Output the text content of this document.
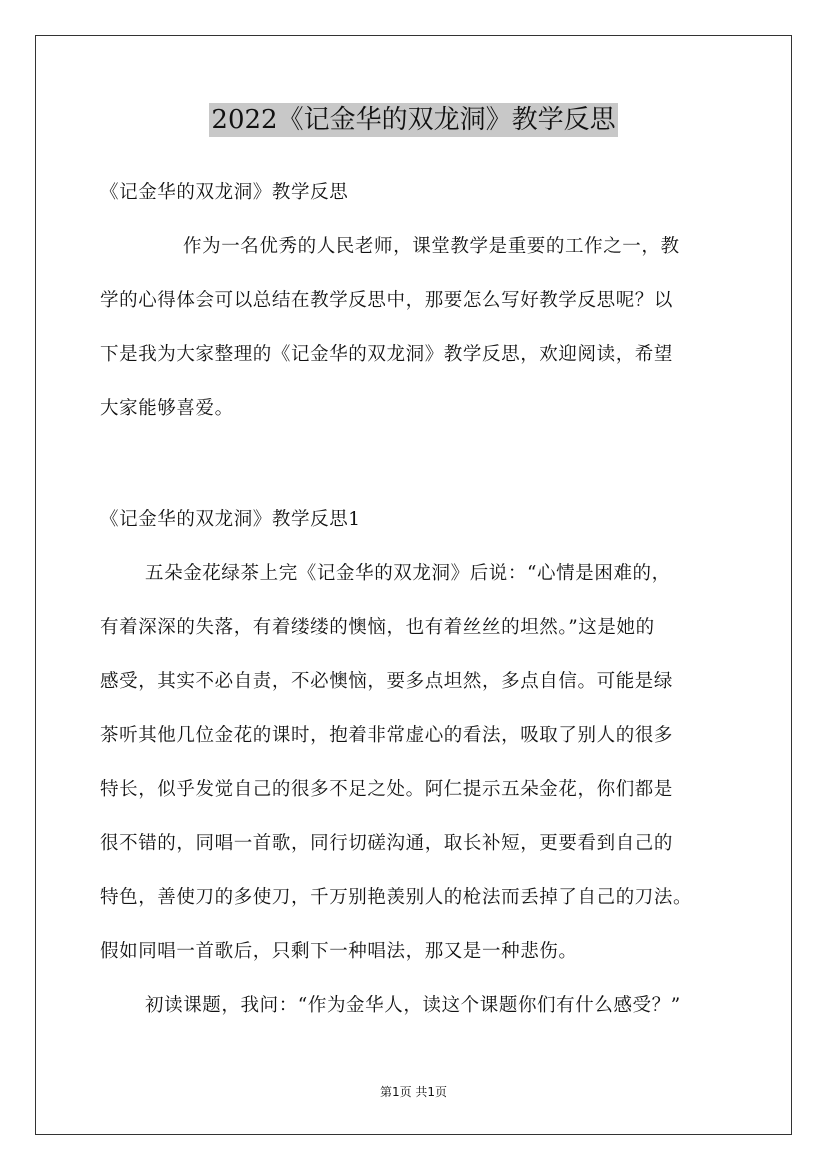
2022《记金华的双龙洞》教学反思
《记金华的双龙洞》教学反思
作为一名优秀的人民老师，课堂教学是重要的工作之一，教
学的心得体会可以总结在教学反思中，那要怎么写好教学反思呢？以
下是我为大家整理的《记金华的双龙洞》教学反思，欢迎阅读，希望
大家能够喜爱。
《记金华的双龙洞》教学反思1
五朵金花绿茶上完《记金华的双龙洞》后说：“心情是困难的，
有着深深的失落，有着缕缕的懊恼，也有着丝丝的坦然。”这是她的
感受，其实不必自责，不必懊恼，要多点坦然，多点自信。可能是绿
茶听其他几位金花的课时，抱着非常虚心的看法，吸取了别人的很多
特长，似乎发觉自己的很多不足之处。阿仁提示五朵金花，你们都是
很不错的，同唱一首歌，同行切磋沟通，取长补短，更要看到自己的
特色，善使刀的多使刀，千万别艳羡别人的枪法而丢掉了自己的刀法。
假如同唱一首歌后，只剩下一种唱法，那又是一种悲伤。
初读课题，我问：“作为金华人，读这个课题你们有什么感受？”
第1页 共1页
